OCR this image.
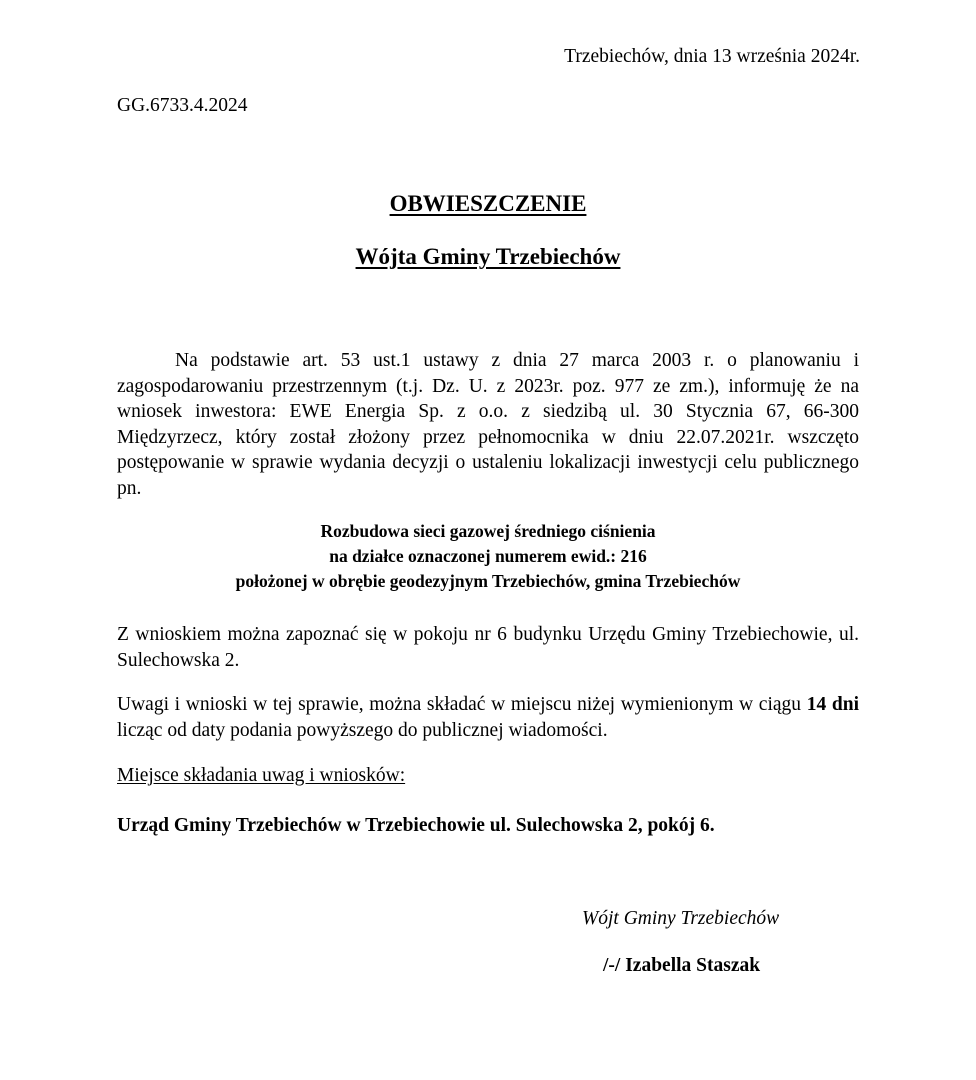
Trzebiechów, dnia 13 września 2024r.
GG.6733.4.2024
OBWIESZCZENIE
Wójta Gminy Trzebiechów
Na podstawie art. 53 ust.1 ustawy z dnia 27 marca 2003 r. o planowaniu i zagospodarowaniu przestrzennym (t.j. Dz. U. z 2023r. poz. 977 ze zm.), informuję że na wniosek inwestora: EWE Energia Sp. z o.o. z siedzibą ul. 30 Stycznia 67, 66-300 Międzyrzecz, który został złożony przez pełnomocnika w dniu 22.07.2021r. wszczęto postępowanie w sprawie wydania decyzji o ustaleniu lokalizacji inwestycji celu publicznego pn.
Rozbudowa sieci gazowej średniego ciśnienia
na działce oznaczonej numerem ewid.: 216
położonej w obrębie geodezyjnym Trzebiechów, gmina Trzebiechów
Z wnioskiem można zapoznać się w pokoju nr 6 budynku Urzędu Gminy Trzebiechowie, ul. Sulechowska 2.
Uwagi i wnioski w tej sprawie, można składać w miejscu niżej wymienionym w ciągu 14 dni licząc od daty podania powyższego do publicznej wiadomości.
Miejsce składania uwag i wniosków:
Urząd Gminy Trzebiechów w Trzebiechowie ul. Sulechowska 2, pokój 6.
Wójt Gminy Trzebiechów
/-/ Izabella Staszak
